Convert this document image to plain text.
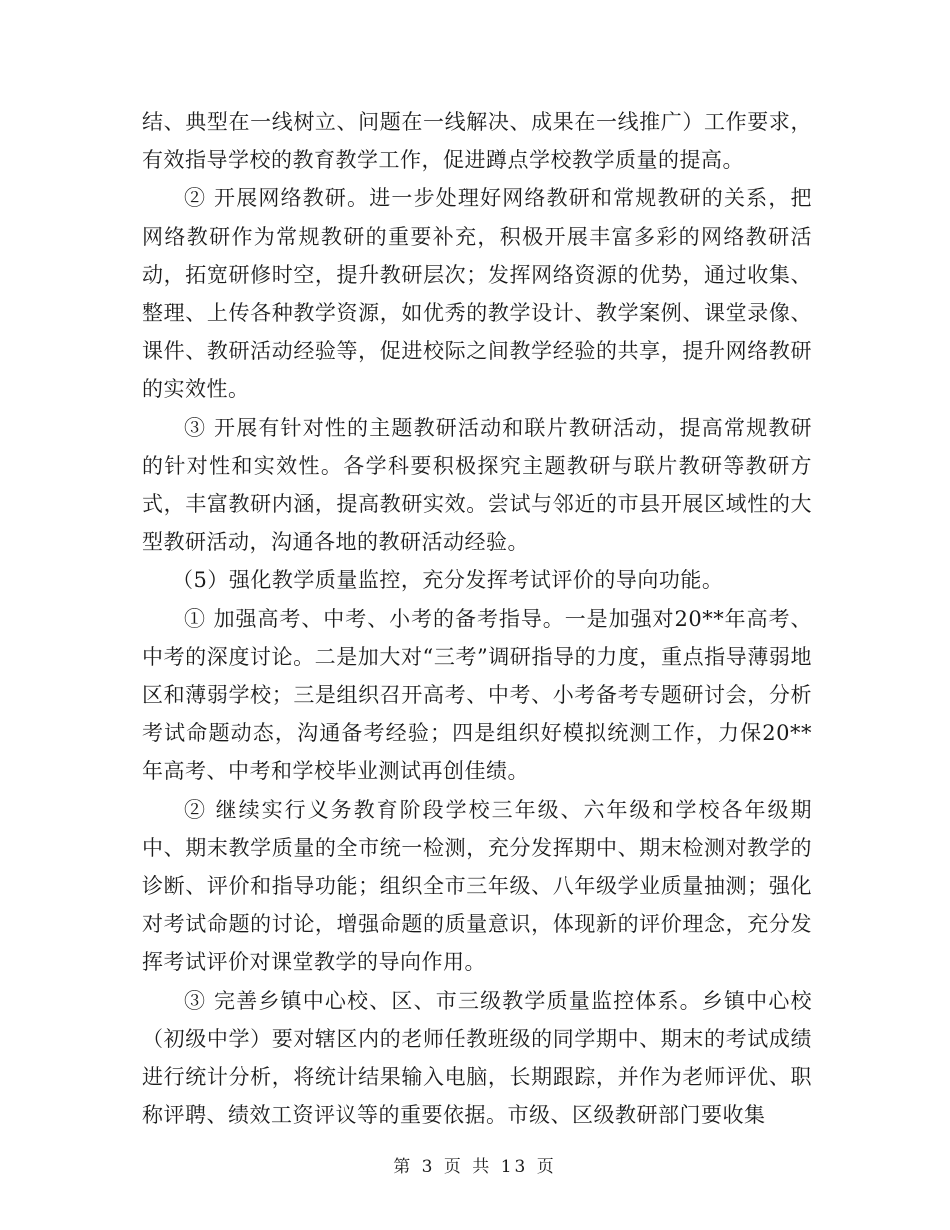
结、典型在一线树立、问题在一线解决、成果在一线推广）工作要求，有效指导学校的教育教学工作，促进蹲点学校教学质量的提高。

② 开展网络教研。进一步处理好网络教研和常规教研的关系，把网络教研作为常规教研的重要补充，积极开展丰富多彩的网络教研活动，拓宽研修时空，提升教研层次；发挥网络资源的优势，通过收集、整理、上传各种教学资源，如优秀的教学设计、教学案例、课堂录像、课件、教研活动经验等，促进校际之间教学经验的共享，提升网络教研的实效性。

③ 开展有针对性的主题教研活动和联片教研活动，提高常规教研的针对性和实效性。各学科要积极探究主题教研与联片教研等教研方式，丰富教研内涵，提高教研实效。尝试与邻近的市县开展区域性的大型教研活动，沟通各地的教研活动经验。

（5）强化教学质量监控，充分发挥考试评价的导向功能。

① 加强高考、中考、小考的备考指导。一是加强对20**年高考、中考的深度讨论。二是加大对“三考”调研指导的力度，重点指导薄弱地区和薄弱学校；三是组织召开高考、中考、小考备考专题研讨会，分析考试命题动态，沟通备考经验；四是组织好模拟统测工作，力保20**年高考、中考和学校毕业测试再创佳绩。

② 继续实行义务教育阶段学校三年级、六年级和学校各年级期中、期末教学质量的全市统一检测，充分发挥期中、期末检测对教学的诊断、评价和指导功能；组织全市三年级、八年级学业质量抽测；强化对考试命题的讨论，增强命题的质量意识，体现新的评价理念，充分发挥考试评价对课堂教学的导向作用。

③ 完善乡镇中心校、区、市三级教学质量监控体系。乡镇中心校（初级中学）要对辖区内的老师任教班级的同学期中、期末的考试成绩进行统计分析，将统计结果输入电脑，长期跟踪，并作为老师评优、职称评聘、绩效工资评议等的重要依据。市级、区级教研部门要收集

第 3 页 共 13 页
